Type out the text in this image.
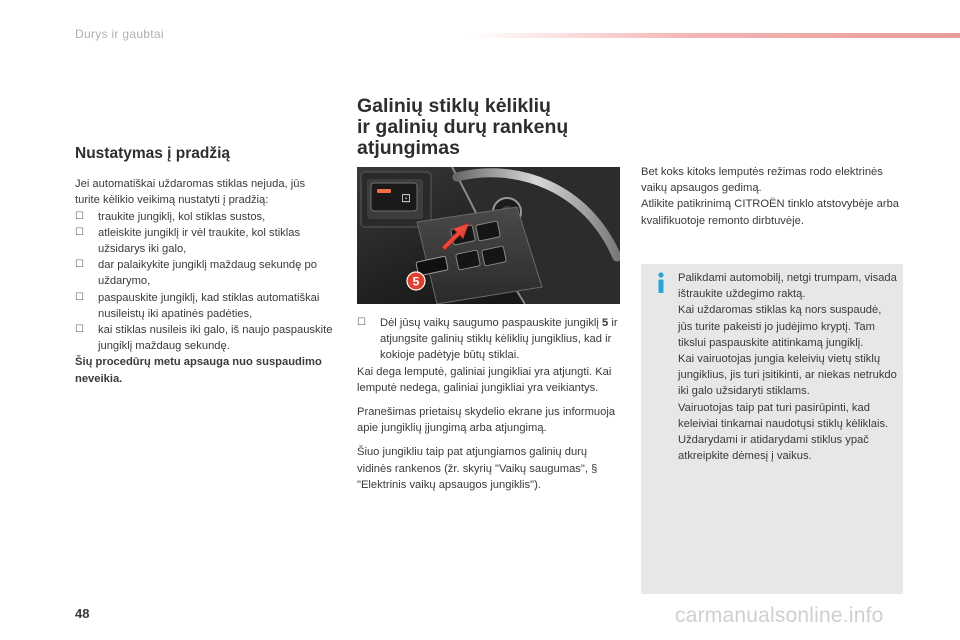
Durys ir gaubtai
Nustatymas į pradžią

Jei automatiškai uždaromas stiklas nejuda, jūs turite kėlikio veikimą nustatyti į pradžią:

☐ traukite jungiklį, kol stiklas sustos,
☐ atleiskite jungiklį ir vėl traukite, kol stiklas užsidarys iki galo,
☐ dar palaikykite jungiklį maždaug sekundę po uždarymo,
☐ paspauskite jungiklį, kad stiklas automatiškai nusileistų iki apatinės padėties,
☐ kai stiklas nusileis iki galo, iš naujo paspauskite jungiklį maždaug sekundę.

Šių procedūrų metu apsauga nuo suspaudimo neveikia.

Galinių stiklų kėliklių
ir galinių durų rankenų
atjungimas
⊡
5
☐ Dėl jūsų vaikų saugumo paspauskite jungiklį 5 ir atjungsite galinių stiklų kėliklių jungiklius, kad ir kokioje padėtyje būtų stiklai.

Kai dega lemputė, galiniai jungikliai yra atjungti. Kai lemputė nedega, galiniai jungikliai yra veikiantys.

Pranešimas prietaisų skydelio ekrane jus informuoja apie jungiklių įjungimą arba atjungimą.

Šiuo jungikliu taip pat atjungiamos galinių durų vidinės rankenos (žr. skyrių "Vaikų saugumas", § "Elektrinis vaikų apsaugos jungiklis").

Bet koks kitoks lemputės režimas rodo elektrinės vaikų apsaugos gedimą.

Atlikite patikrinimą CITROËN tinklo atstovybėje arba kvalifikuotoje remonto dirbtuvėje.

Palikdami automobilį, netgi trumpam, visada ištraukite uždegimo raktą.

Kai uždaromas stiklas ką nors suspaudė, jūs turite pakeisti jo judėjimo kryptį. Tam tikslui paspauskite atitinkamą jungiklį.

Kai vairuotojas jungia keleivių vietų stiklų jungiklius, jis turi įsitikinti, ar niekas netrukdo iki galo užsidaryti stiklams.

Vairuotojas taip pat turi pasirūpinti, kad keleiviai tinkamai naudotųsi stiklų kėliklais.

Uždarydami ir atidarydami stiklus ypač atkreipkite dėmesį į vaikus.

48	carmanualsonline.info
